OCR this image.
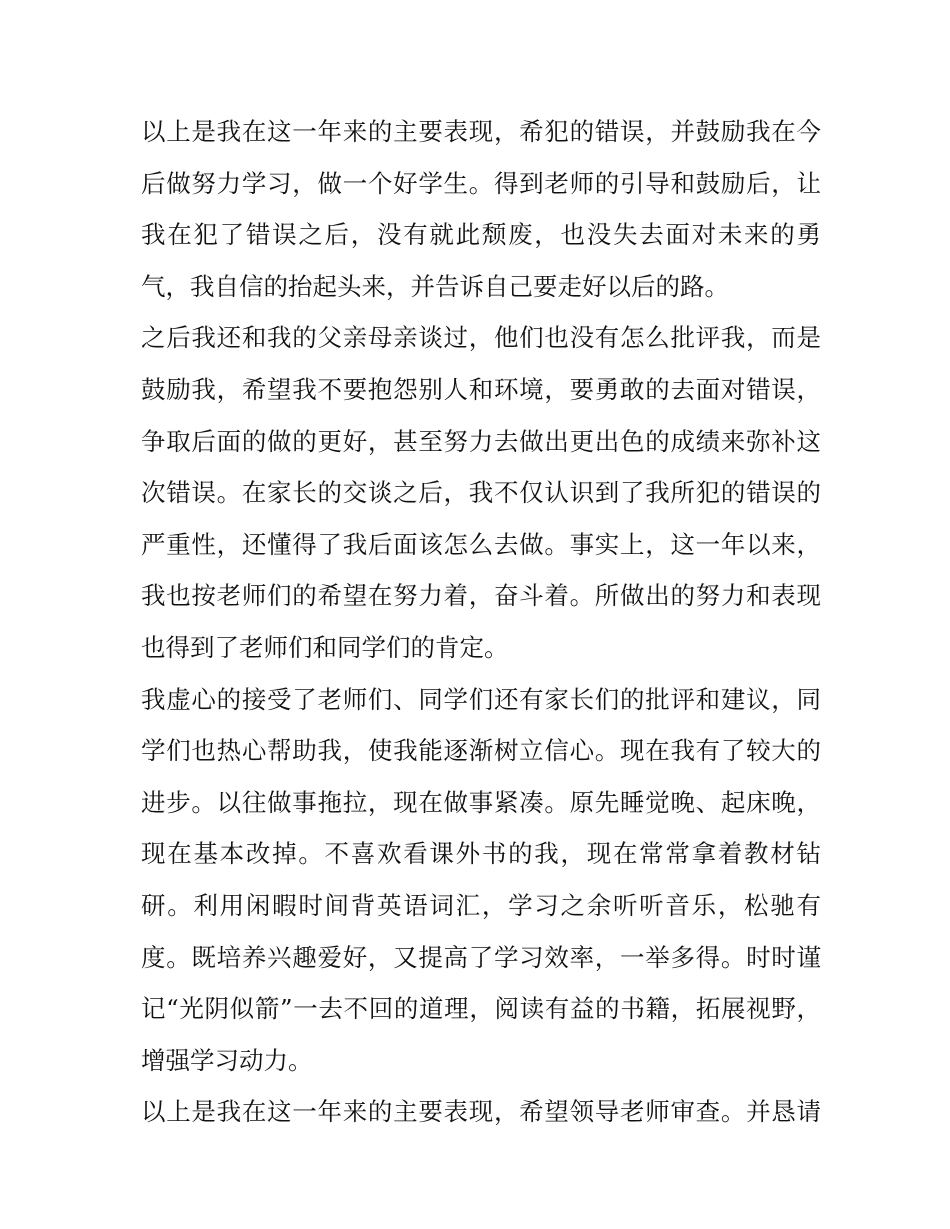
以上是我在这一年来的主要表现，希犯的错误，并鼓励我在今
后做努力学习，做一个好学生。得到老师的引导和鼓励后，让
我在犯了错误之后，没有就此颓废，也没失去面对未来的勇
气，我自信的抬起头来，并告诉自己要走好以后的路。
之后我还和我的父亲母亲谈过，他们也没有怎么批评我，而是
鼓励我，希望我不要抱怨别人和环境，要勇敢的去面对错误，
争取后面的做的更好，甚至努力去做出更出色的成绩来弥补这
次错误。在家长的交谈之后，我不仅认识到了我所犯的错误的
严重性，还懂得了我后面该怎么去做。事实上，这一年以来，
我也按老师们的希望在努力着，奋斗着。所做出的努力和表现
也得到了老师们和同学们的肯定。
我虚心的接受了老师们、同学们还有家长们的批评和建议，同
学们也热心帮助我，使我能逐渐树立信心。现在我有了较大的
进步。以往做事拖拉，现在做事紧凑。原先睡觉晚、起床晚，
现在基本改掉。不喜欢看课外书的我，现在常常拿着教材钻
研。利用闲暇时间背英语词汇，学习之余听听音乐，松驰有
度。既培养兴趣爱好，又提高了学习效率，一举多得。时时谨
记“光阴似箭”一去不回的道理，阅读有益的书籍，拓展视野，
增强学习动力。
以上是我在这一年来的主要表现，希望领导老师审查。并恳请
